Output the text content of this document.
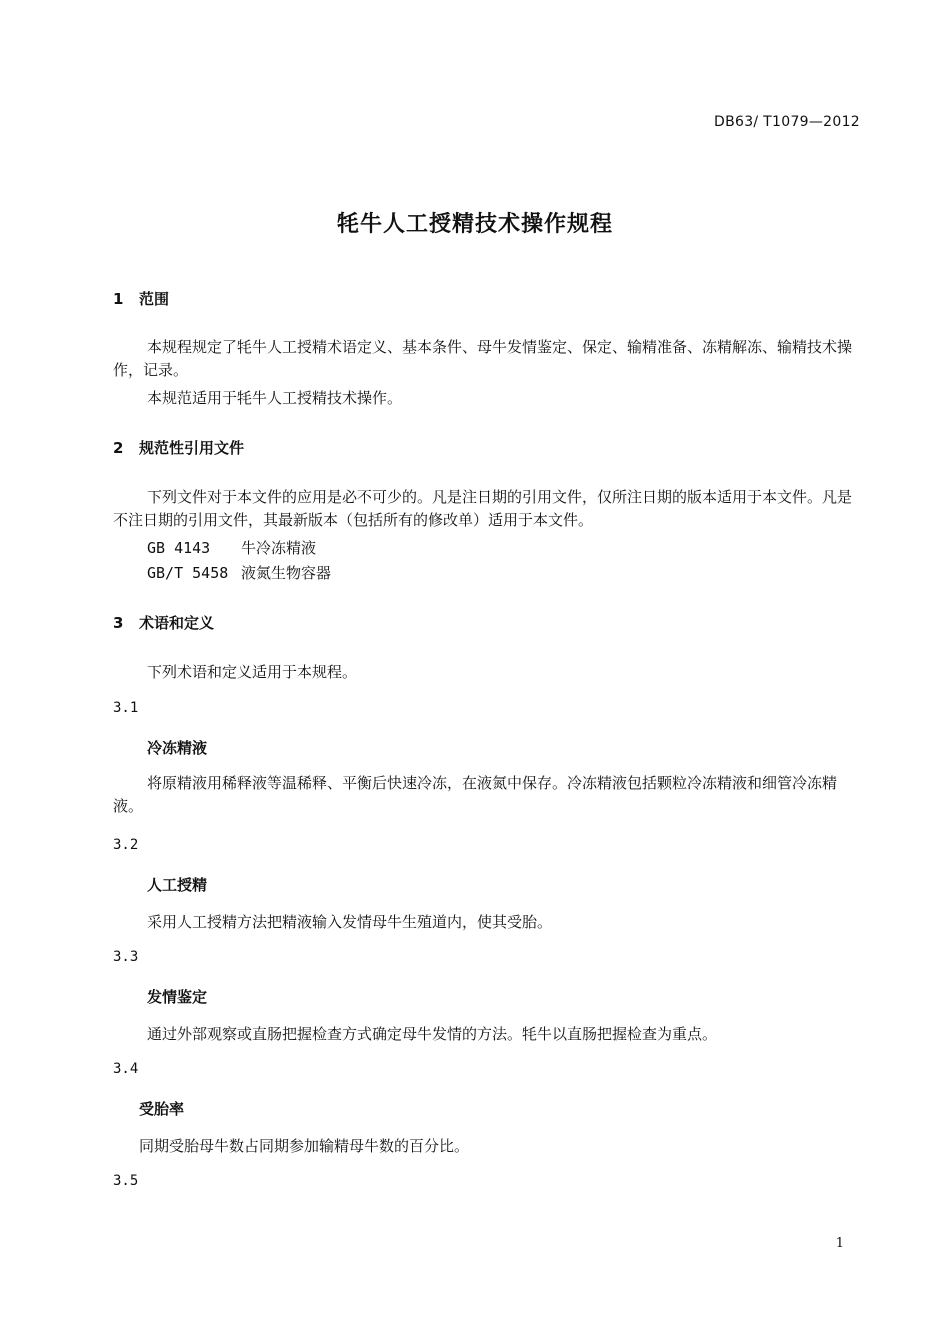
DB63/ T1079—2012
牦牛人工授精技术操作规程
1 范围
本规程规定了牦牛人工授精术语定义、基本条件、母牛发情鉴定、保定、输精准备、冻精解冻、输精技术操作，记录。
本规范适用于牦牛人工授精技术操作。
2 规范性引用文件
下列文件对于本文件的应用是必不可少的。凡是注日期的引用文件，仅所注日期的版本适用于本文件。凡是不注日期的引用文件，其最新版本（包括所有的修改单）适用于本文件。
GB 4143 牛冷冻精液
GB/T 5458 液氮生物容器
3 术语和定义
下列术语和定义适用于本规程。
3.1
冷冻精液
将原精液用稀释液等温稀释、平衡后快速冷冻，在液氮中保存。冷冻精液包括颗粒冷冻精液和细管冷冻精液。
3.2
人工授精
采用人工授精方法把精液输入发情母牛生殖道内，使其受胎。
3.3
发情鉴定
通过外部观察或直肠把握检查方式确定母牛发情的方法。牦牛以直肠把握检查为重点。
3.4
受胎率
同期受胎母牛数占同期参加输精母牛数的百分比。
3.5
1
